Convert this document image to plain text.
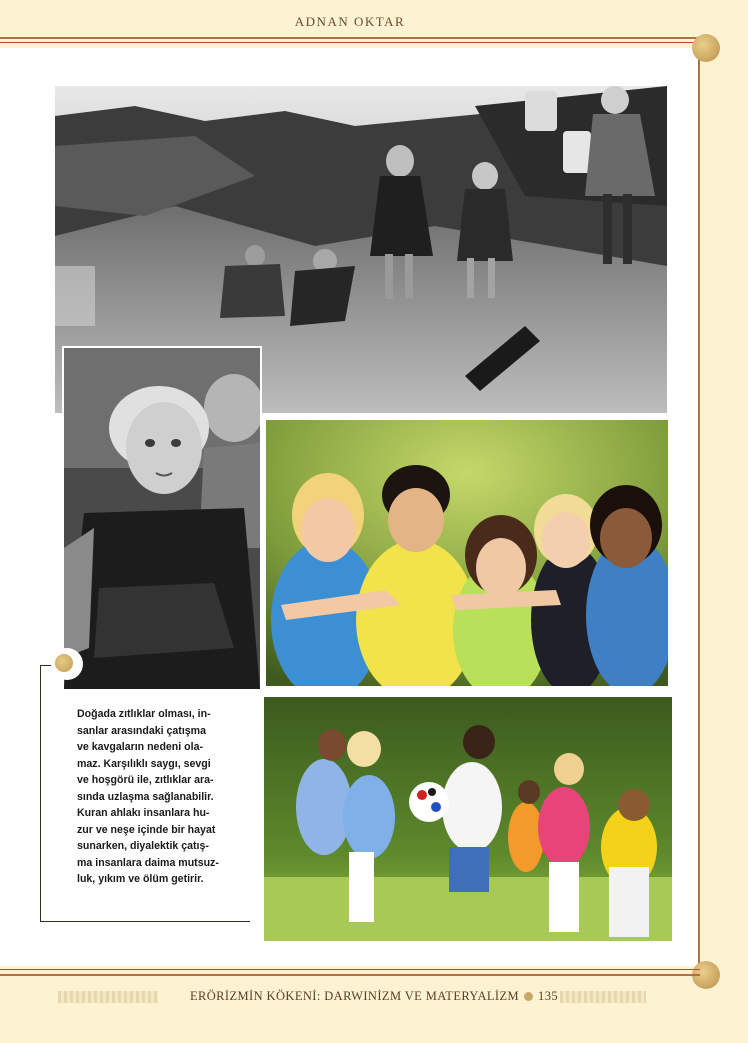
ADNAN OKTAR
Doğada zıtlıklar olması, in-
sanlar arasındaki çatışma
ve kavgaların nedeni ola-
maz. Karşılıklı saygı, sevgi
ve hoşgörü ile, zıtlıklar ara-
sında uzlaşma sağlanabilir.
Kuran ahlakı insanlara hu-
zur ve neşe içinde bir hayat
sunarken, diyalektik çatış-
ma insanlara daima mutsuz-
luk, yıkım ve ölüm getirir.
ERÖRİZMİN KÖKENİ: DARWINİZM VE MATERYALİZM 135
